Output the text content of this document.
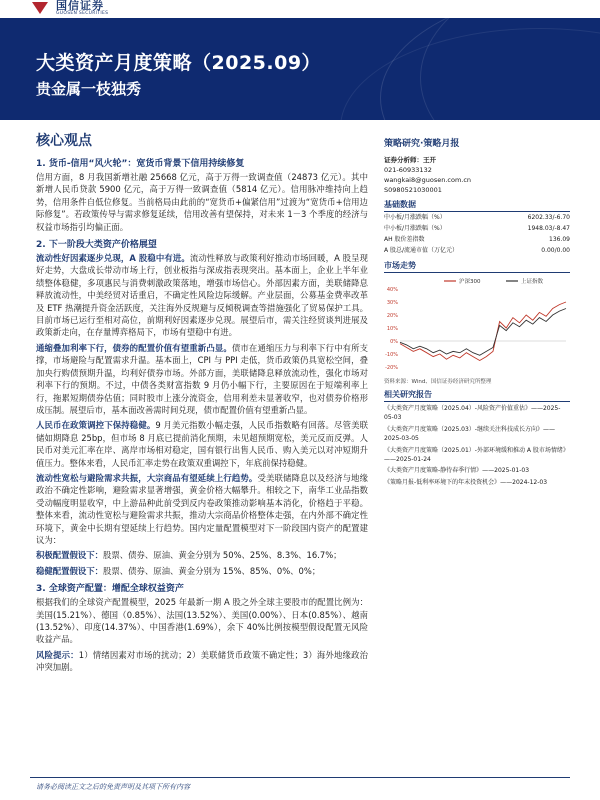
国信证券
GUOSEN SECURITIES
大类资产月度策略（2025.09）
贵金属一枝独秀
核心观点
1. 货币-信用“风火轮”：宽货币背景下信用持续修复
信用方面，8 月我国新增社融 25668 亿元，高于万得一致调查值（24873 亿元）。其中新增人民币贷款 5900 亿元，高于万得一致调查值（5814 亿元）。信用脉冲维持向上趋势，信用条件自低位修复。当前格局由此前的“宽货币+偏紧信用”过渡为“宽货币+信用边际修复”。若政策传导与需求修复延续，信用改善有望保持，对未来 1－3 个季度的经济与权益市场指引均偏正面。
2. 下一阶段大类资产价格展望
流动性好因素逐步兑现，A 股稳中有进。流动性释放与政策利好推动市场回暖，A 股呈现好走势，大盘成长带动市场上行，创业板指与深成指表现突出。基本面上，企业上半年业绩整体稳健，多项惠民与消费刺激政策落地，增强市场信心。外部因素方面，美联储降息释放流动性，中美经贸对话重启，不确定性风险边际缓解。产业层面，公募基金费率改革及 ETF 热潮提升资金活跃度，关注海外反规避与反倾税调查等措施强化了贸易保护工具。目前市场已运行至相对高位，前期利好因素逐步兑现。展望后市，需关注经贸谈判进展及政策新走向，在存量博弈格局下，市场有望稳中有进。
通缩叠加利率下行，债券的配置价值有望重新凸显。债市在通缩压力与利率下行中有所支撑，市场避险与配置需求升温。基本面上，CPI 与 PPI 走低，货币政策仍具宽松空间，叠加央行购债预期升温，均利好债券市场。外部方面，美联储降息释放流动性，强化市场对利率下行的预期。不过，中债各类财富指数 9 月仍小幅下行，主要原因在于短端利率上行，拖累短期债券估值；同时股市上涨分流资金，信用利差未显著收窄，也对债券价格形成压制。展望后市，基本面改善需时间兑现，债市配置价值有望重新凸显。
人民币在政策调控下保持稳健。9 月美元指数小幅走强，人民币指数略有回落。尽管美联储如期降息 25bp，但市场 8 月底已提前消化预期，未见超预期宽松，美元反而反弹。人民币对美元汇率在岸、离岸市场相对稳定，国有银行出售人民币、购入美元以对冲短期升值压力。整体来看，人民币汇率走势在政策双重调控下，年底前保持稳健。
流动性宽松与避险需求共振，大宗商品有望延续上行趋势。受美联储降息以及经济与地缘政治不确定性影响，避险需求显著增强，黄金价格大幅攀升。相较之下，南华工业品指数受动幅度明显收窄，中上游品种此前受到反内卷政策推动影响基本消化，价格趋于平稳。整体来看，流动性宽松与避险需求共振，推动大宗商品价格整体走强，在内外部不确定性环境下，黄金中长期有望延续上行趋势。国内定量配置模型对下一阶段国内资产的配置建议为：
积极配置假设下：股票、债券、原油、黄金分别为 50%、25%、8.3%、16.7%；
稳健配置假设下：股票、债券、原油、黄金分别为 15%、85%、0%、0%；
3. 全球资产配置：增配全球权益资产
根据我们的全球资产配置模型，2025 年最新一期 A 股之外全球主要股市的配置比例为：美国(15.21%）、德国（0.85%）、法国(13.52%）、美国(0.00%）、日本(0.85%）、越南(13.52%）、印度(14.37%）、中国香港(1.69%），余下 40%比例按模型假设配置无风险收益产品。
风险提示：1）情绪因素对市场的扰动；2）美联储货币政策不确定性；3）海外地缘政治冲突加剧。
策略研究·策略月报
证券分析师：王开
021-60933132
wangkai8@guosen.com.cn
S0980521030001
基础数据
中小板/月涨跌幅（%）	6202.33/-6.70
中小板/月涨跌幅（%）	1948.03/-8.47
AH 股价差指数	136.09
A 股总/流通市值（万亿元）	0.00/0.00
市场走势
沪深300	上证指数
40%
30%
20%
10%
0%
-10%
-20%
资料来源：Wind、国信证券经济研究所整理
相关研究报告
《大类资产月度策略（2025.04）-风险资产价值重估》——2025-05-03
《大类资产月度策略（2025.03）-继续关注科技成长方向》——2025-03-05
《大类资产月度策略（2025.01）-外部环境缓和推动 A 股市场情绪》——2025-01-24
《大类资产月度策略-静待春季行情》——2025-01-03
《策略月报-低利率环境下的年末投资机会》——2024-12-03
请务必阅读正文之后的免责声明及其项下所有内容
